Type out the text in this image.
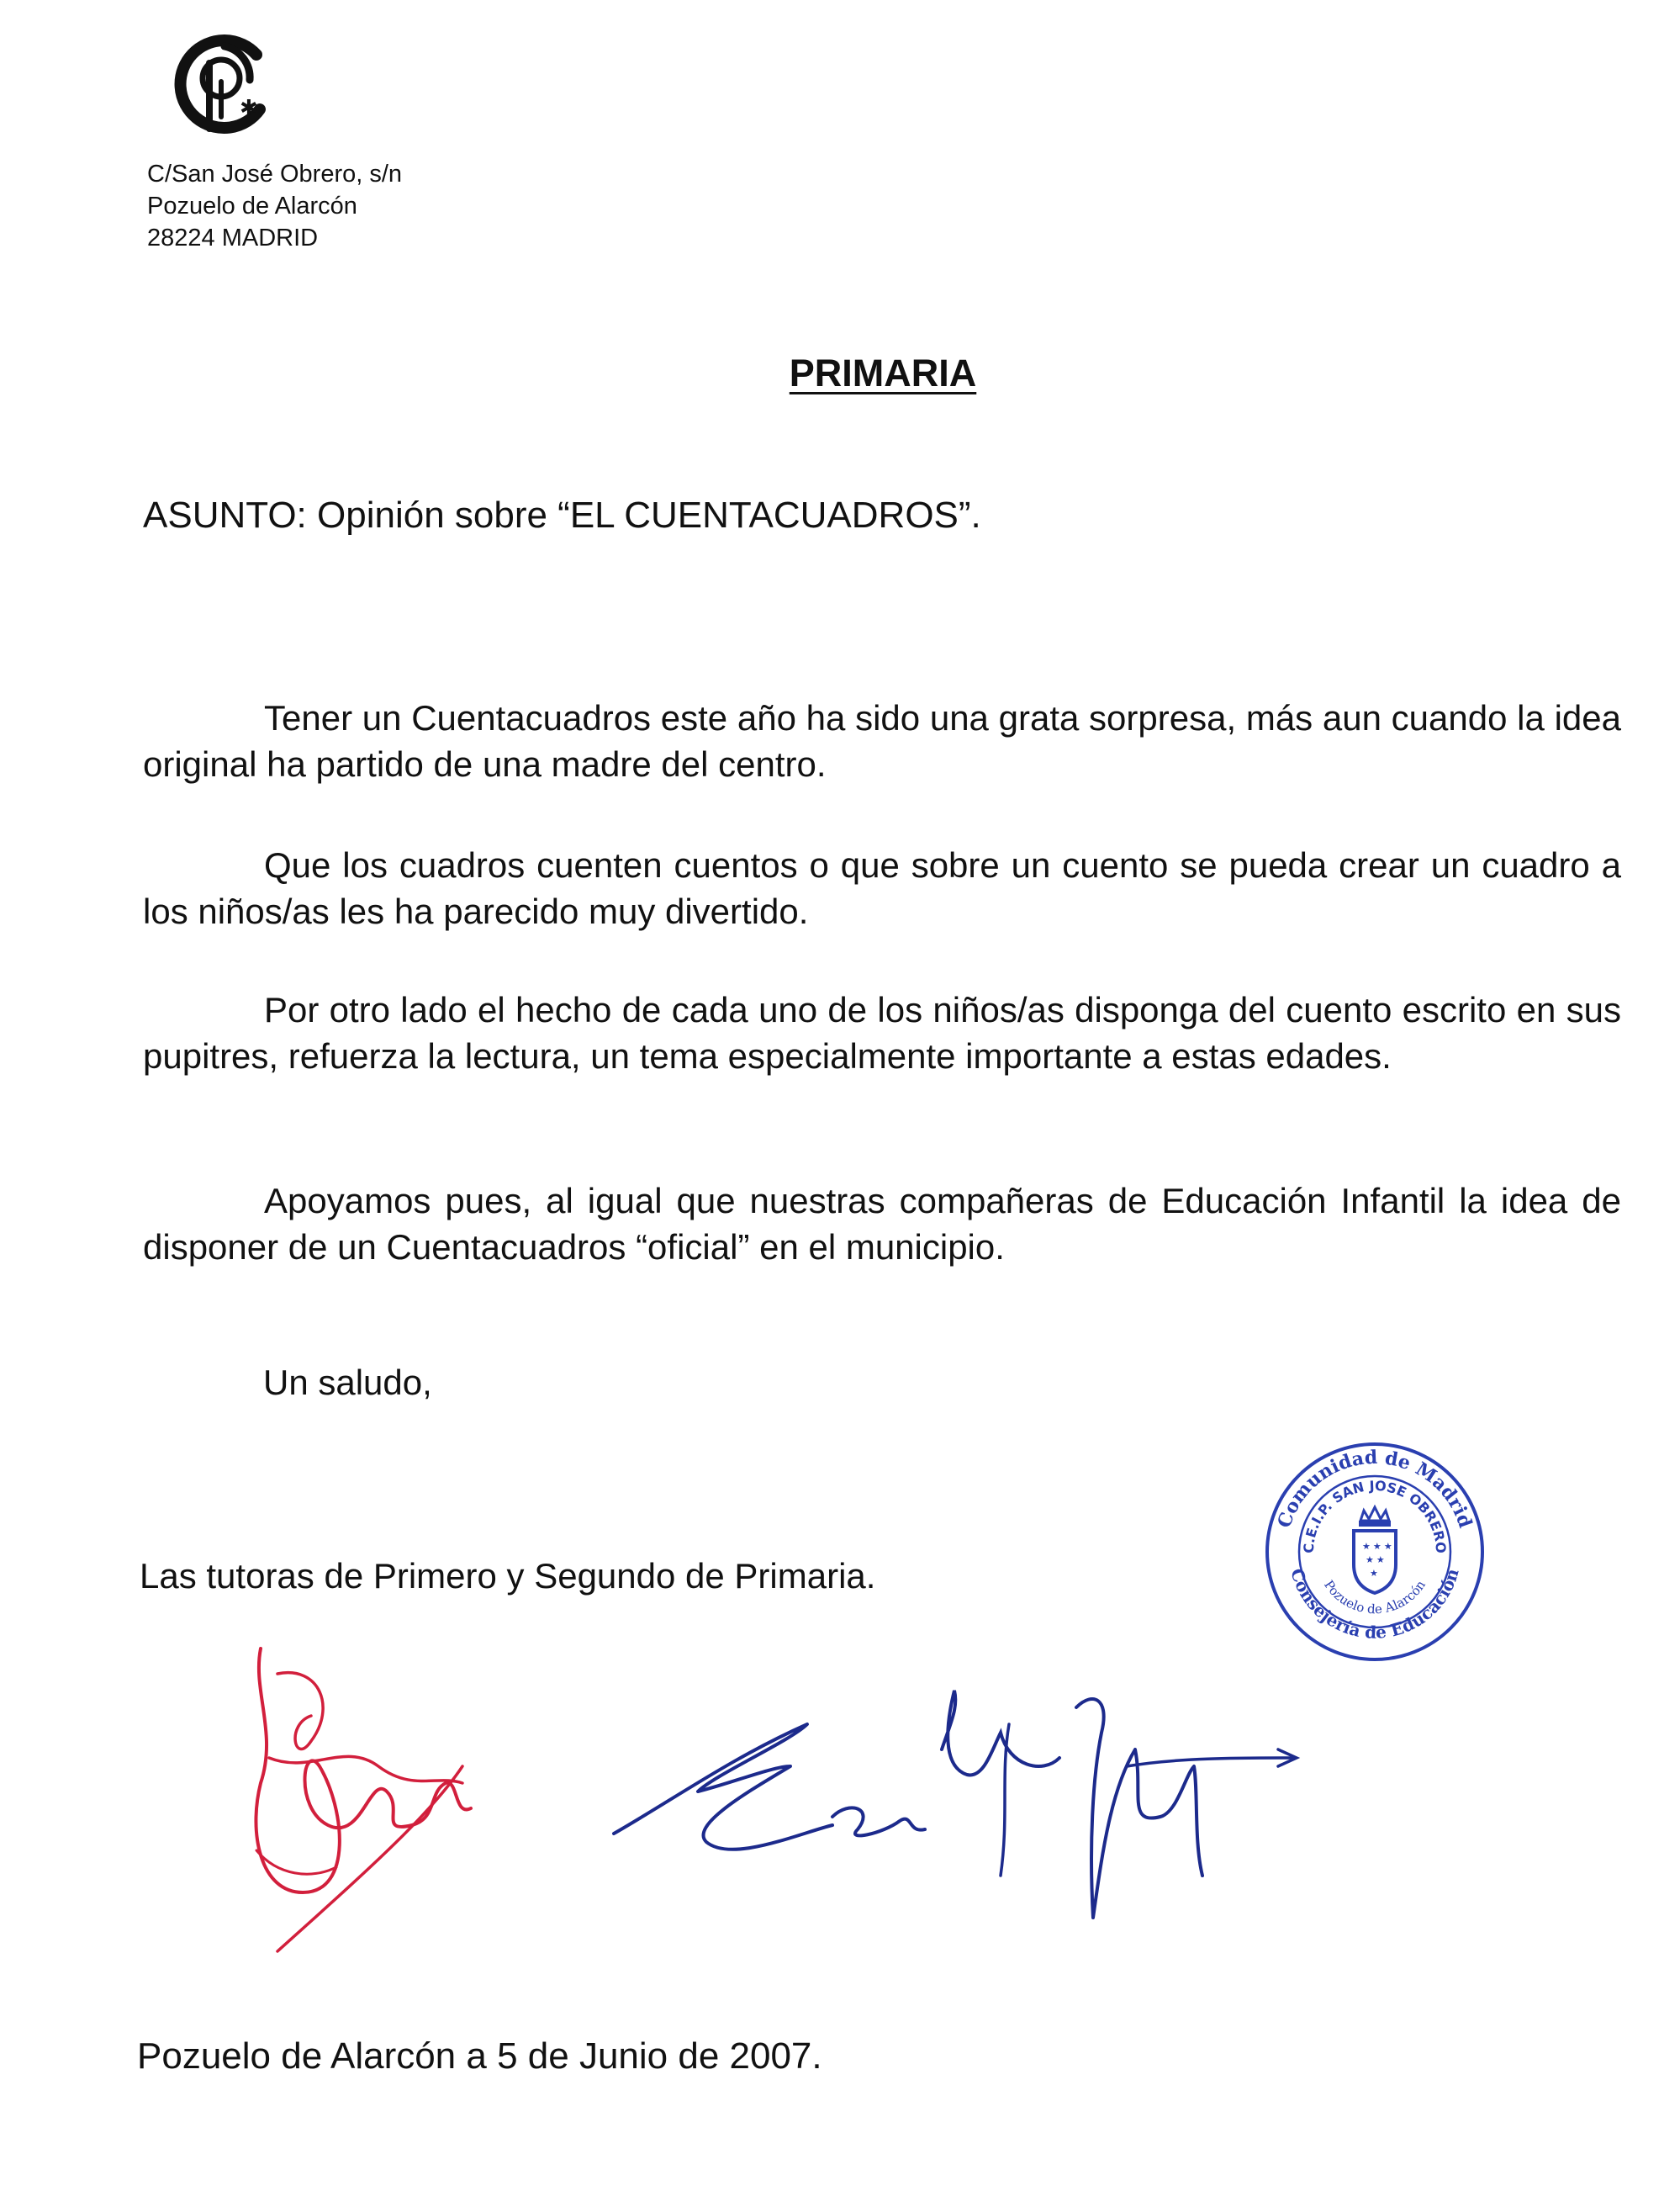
✱
C/San José Obrero, s/n
Pozuelo de Alarcón
28224 MADRID
PRIMARIA
ASUNTO: Opinión sobre “EL CUENTACUADROS”.

Tener un Cuentacuadros este año ha sido una grata sorpresa, más aun cuando la idea original ha partido de una madre del centro.

Que los cuadros cuenten cuentos o que sobre un cuento se pueda crear un cuadro a los niños/as les ha parecido muy divertido.

Por otro lado el hecho de cada uno de los niños/as disponga del cuento escrito en sus pupitres, refuerza la lectura, un tema especialmente importante a estas edades.

Apoyamos pues, al igual que nuestras compañeras de Educación Infantil la idea de disponer de un Cuentacuadros “oficial” en el municipio.

Un saludo,
Las tutoras de Primero y Segundo de Primaria.
Comunidad de Madrid
C.E.I.P. SAN JOSE OBRERO
Pozuelo de Alarcón
Consejería de Educación
★ ★ ★
★ ★
★
Pozuelo de Alarcón a 5 de Junio de 2007.
